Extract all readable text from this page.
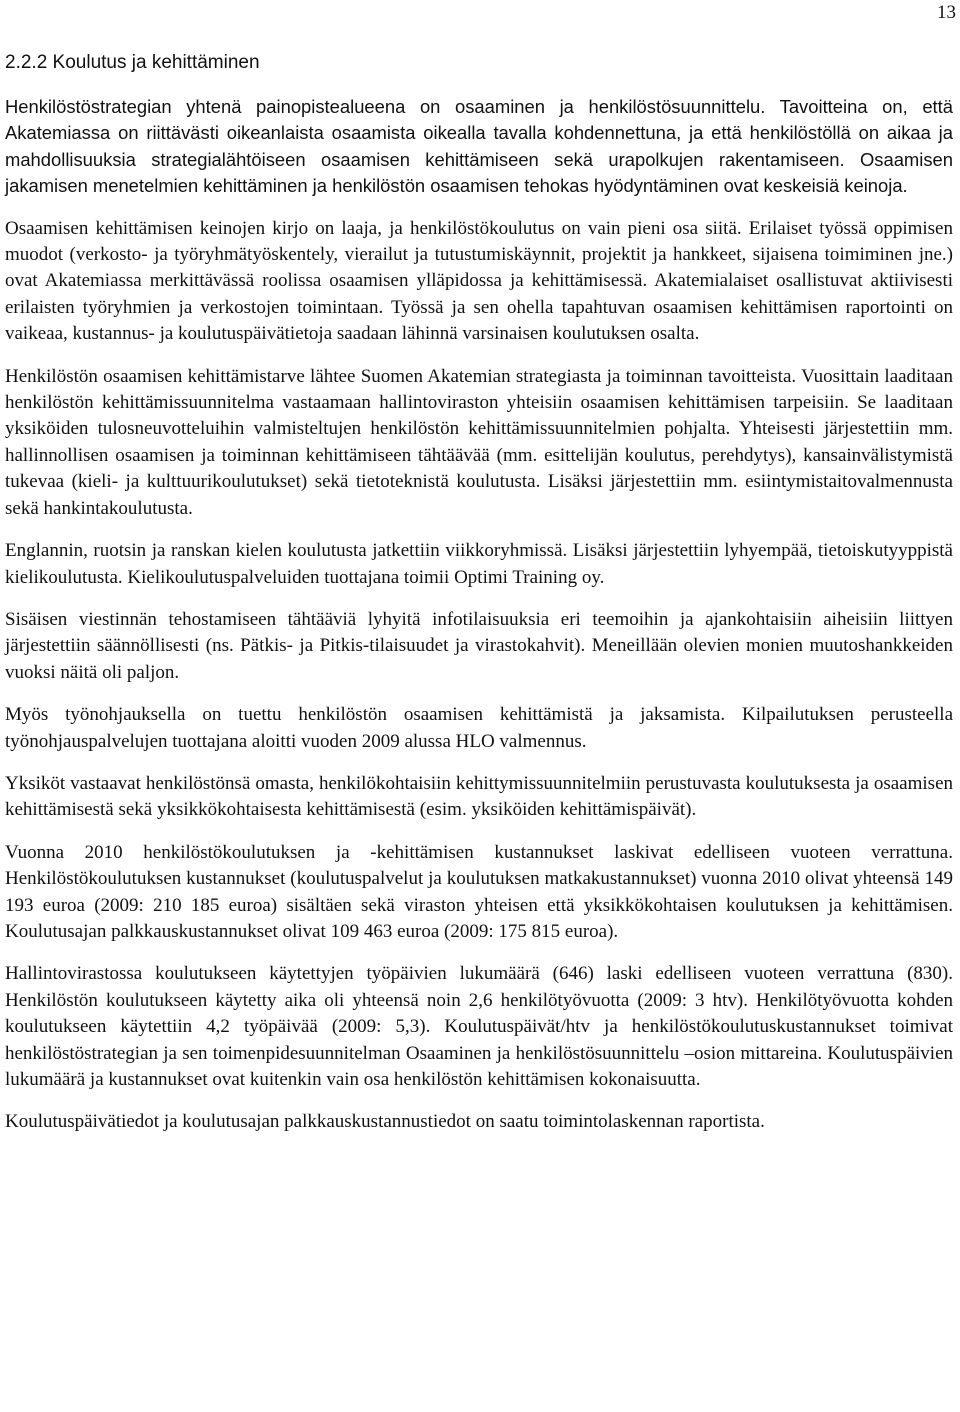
13
2.2.2 Koulutus ja kehittäminen

Henkilöstöstrategian yhtenä painopistealueena on osaaminen ja henkilöstösuunnittelu. Tavoitteina on, että Akatemiassa on riittävästi oikeanlaista osaamista oikealla tavalla kohdennettuna, ja että henkilöstöllä on aikaa ja mahdollisuuksia strategialähtöiseen osaamisen kehittämiseen sekä urapolkujen rakentamiseen. Osaamisen jakamisen menetelmien kehittäminen ja henkilöstön osaamisen tehokas hyödyntäminen ovat keskeisiä keinoja.

Osaamisen kehittämisen keinojen kirjo on laaja, ja henkilöstökoulutus on vain pieni osa siitä. Erilaiset työssä oppimisen muodot (verkosto- ja työryhmätyöskentely, vierailut ja tutustumiskäynnit, projektit ja hankkeet, sijaisena toimiminen jne.) ovat Akatemiassa merkittävässä roolissa osaamisen ylläpidossa ja kehittämisessä. Akatemialaiset osallistuvat aktiivisesti erilaisten työryhmien ja verkostojen toimintaan. Työssä ja sen ohella tapahtuvan osaamisen kehittämisen raportointi on vaikeaa, kustannus- ja koulutuspäivätietoja saadaan lähinnä varsinaisen koulutuksen osalta.

Henkilöstön osaamisen kehittämistarve lähtee Suomen Akatemian strategiasta ja toiminnan tavoitteista. Vuosittain laaditaan henkilöstön kehittämissuunnitelma vastaamaan hallintoviraston yhteisiin osaamisen kehittämisen tarpeisiin. Se laaditaan yksiköiden tulosneuvotteluihin valmisteltujen henkilöstön kehittämissuunnitelmien pohjalta. Yhteisesti järjestettiin mm. hallinnollisen osaamisen ja toiminnan kehittämiseen tähtäävää (mm. esittelijän koulutus, perehdytys), kansainvälistymistä tukevaa (kieli- ja kulttuurikoulutukset) sekä tietoteknistä koulutusta. Lisäksi järjestettiin mm. esiintymistaitovalmennusta sekä hankintakoulutusta.

Englannin, ruotsin ja ranskan kielen koulutusta jatkettiin viikkoryhmissä. Lisäksi järjestettiin lyhyempää, tietoiskutyyppistä kielikoulutusta. Kielikoulutuspalveluiden tuottajana toimii Optimi Training oy.

Sisäisen viestinnän tehostamiseen tähtääviä lyhyitä infotilaisuuksia eri teemoihin ja ajankohtaisiin aiheisiin liittyen järjestettiin säännöllisesti (ns. Pätkis- ja Pitkis-tilaisuudet ja virastokahvit). Meneillään olevien monien muutoshankkeiden vuoksi näitä oli paljon.

Myös työnohjauksella on tuettu henkilöstön osaamisen kehittämistä ja jaksamista. Kilpailutuksen perusteella työnohjauspalvelujen tuottajana aloitti vuoden 2009 alussa HLO valmennus.

Yksiköt vastaavat henkilöstönsä omasta, henkilökohtaisiin kehittymissuunnitelmiin perustuvasta koulutuksesta ja osaamisen kehittämisestä sekä yksikkökohtaisesta kehittämisestä (esim. yksiköiden kehittämispäivät).

Vuonna 2010 henkilöstökoulutuksen ja -kehittämisen kustannukset laskivat edelliseen vuoteen verrattuna. Henkilöstökoulutuksen kustannukset (koulutuspalvelut ja koulutuksen matkakustannukset) vuonna 2010 olivat yhteensä 149 193 euroa (2009: 210 185 euroa) sisältäen sekä viraston yhteisen että yksikkökohtaisen koulutuksen ja kehittämisen. Koulutusajan palkkauskustannukset olivat 109 463 euroa (2009: 175 815 euroa).

Hallintovirastossa koulutukseen käytettyjen työpäivien lukumäärä (646) laski edelliseen vuoteen verrattuna (830). Henkilöstön koulutukseen käytetty aika oli yhteensä noin 2,6 henkilötyövuotta (2009: 3 htv). Henkilötyövuotta kohden koulutukseen käytettiin 4,2 työpäivää (2009: 5,3). Koulutuspäivät/htv ja henkilöstökoulutuskustannukset toimivat henkilöstöstrategian ja sen toimenpidesuunnitelman Osaaminen ja henkilöstösuunnittelu –osion mittareina. Koulutuspäivien lukumäärä ja kustannukset ovat kuitenkin vain osa henkilöstön kehittämisen kokonaisuutta.

Koulutuspäivätiedot ja koulutusajan palkkauskustannustiedot on saatu toimintolaskennan raportista.
